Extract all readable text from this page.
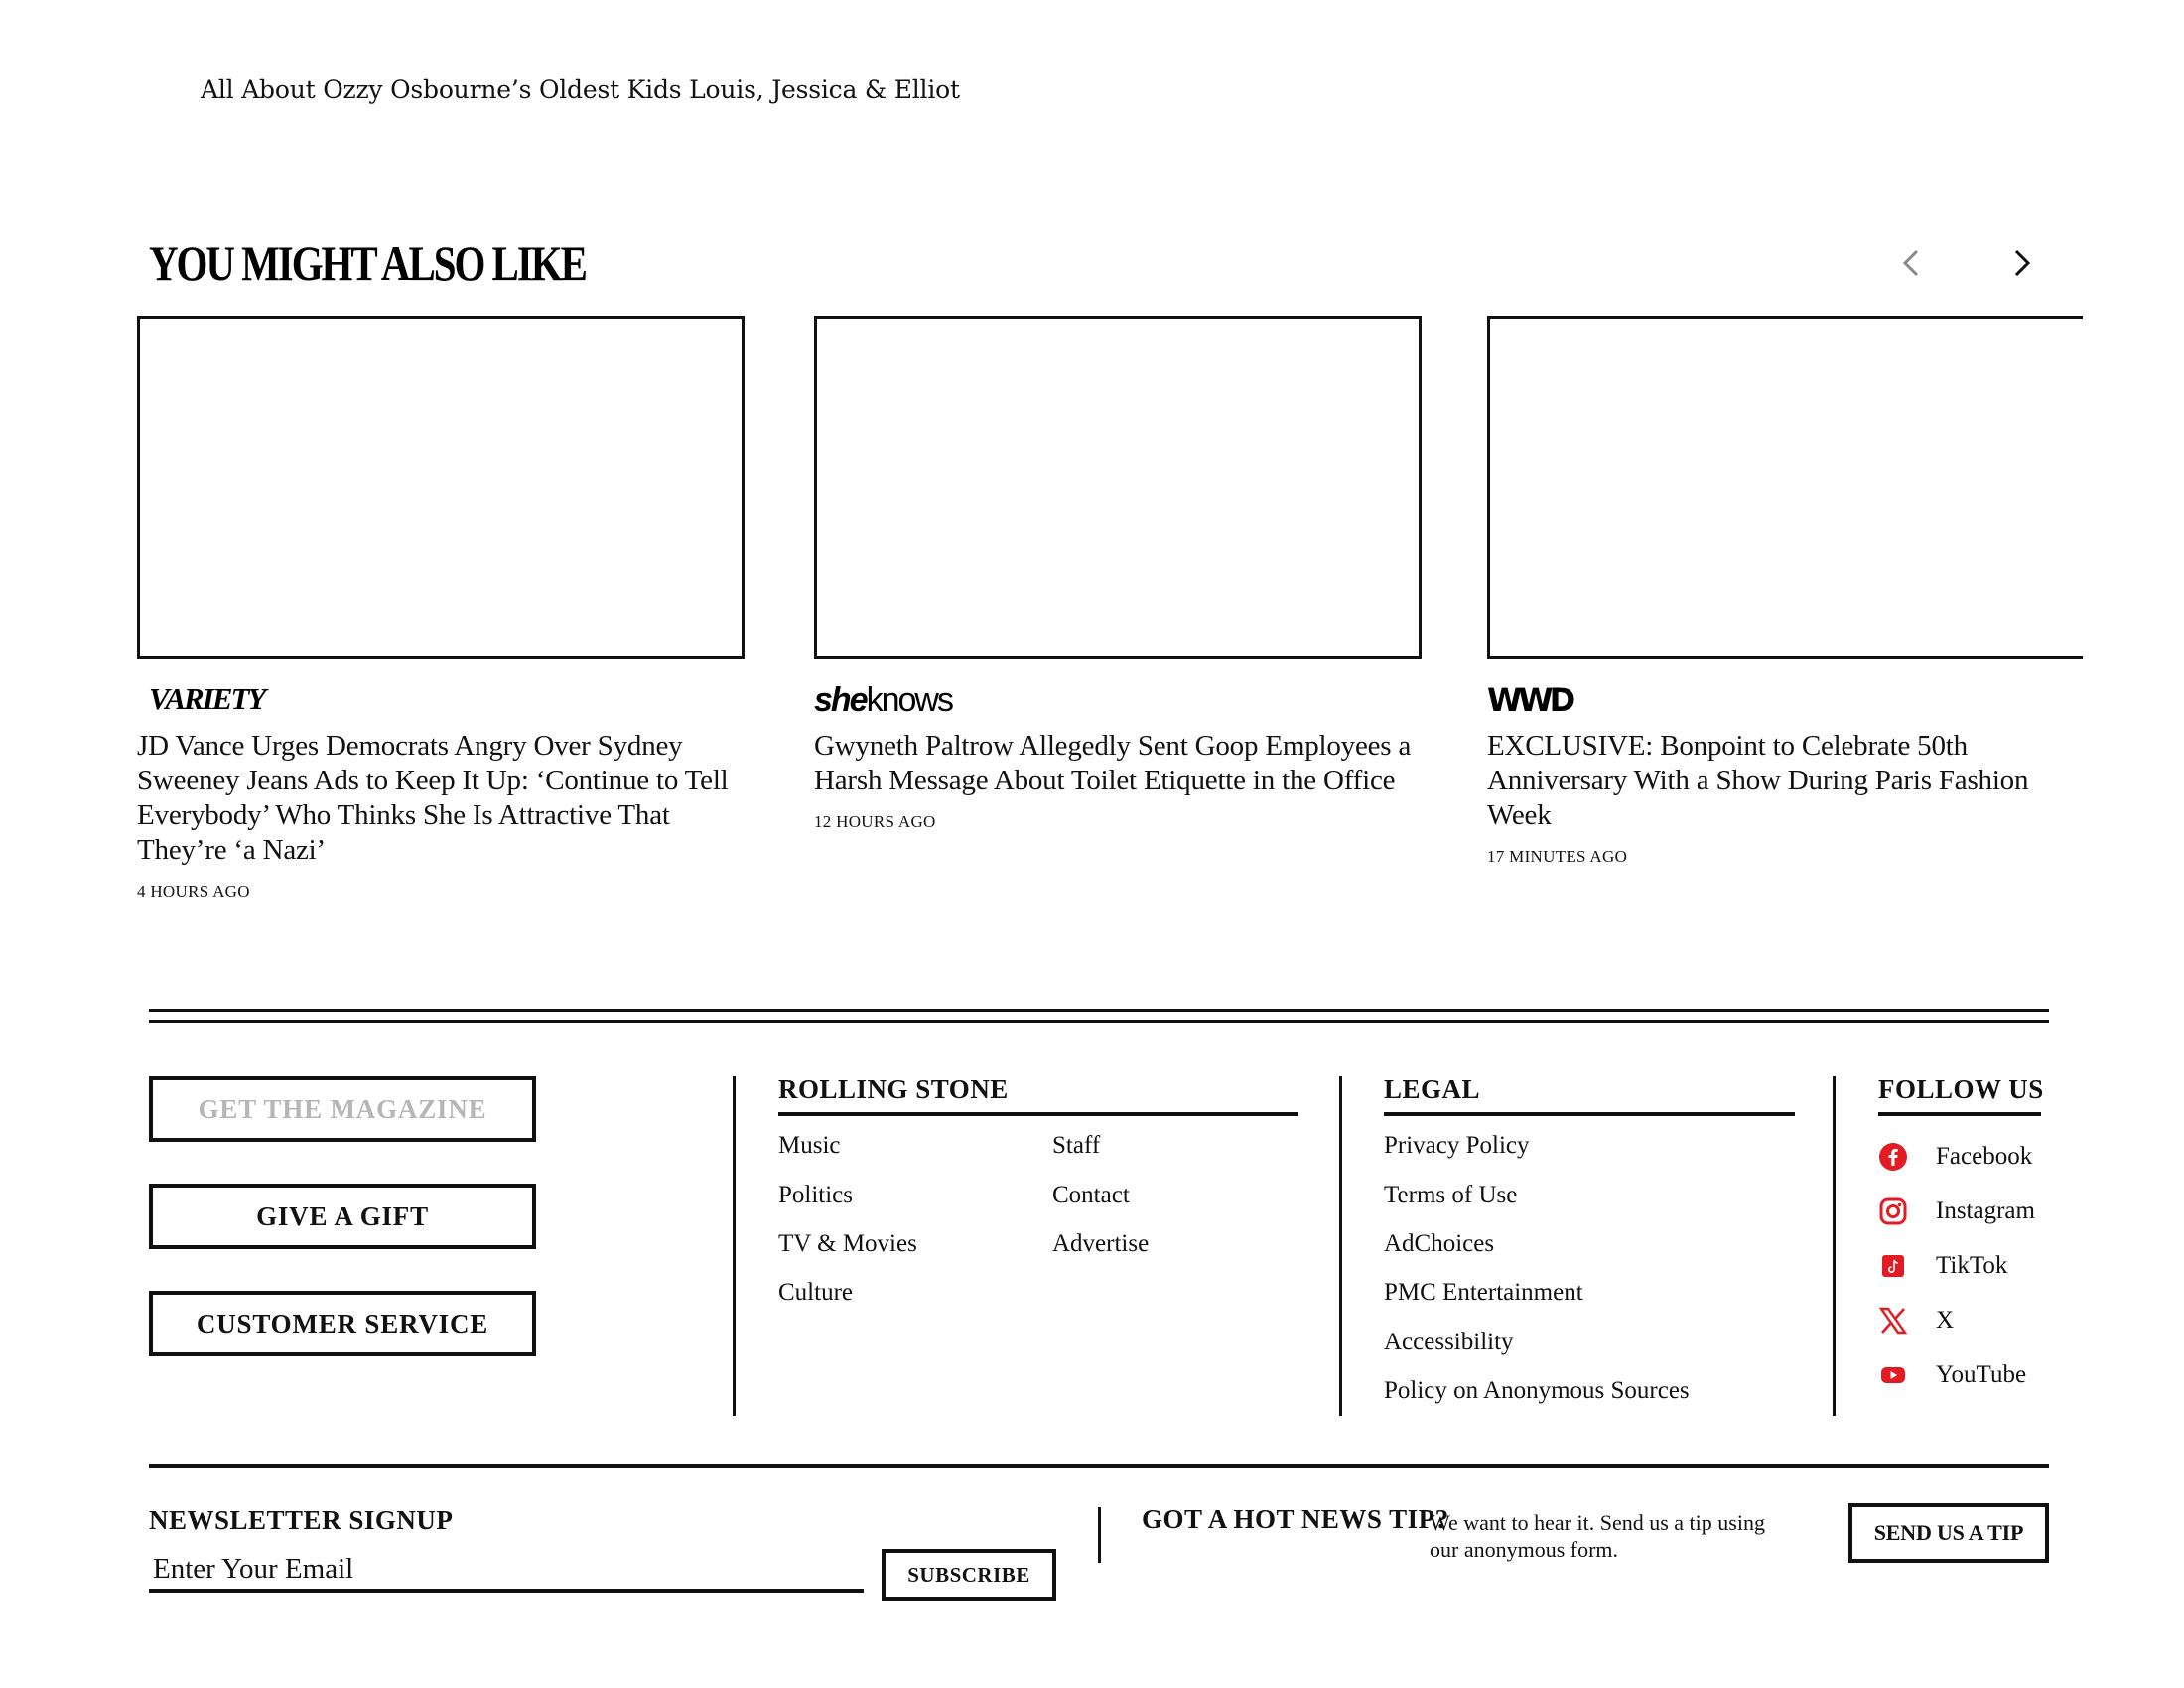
All About Ozzy Osbourne’s Oldest Kids Louis, Jessica & Elliot
YOU MIGHT ALSO LIKE
VARIETY
JD Vance Urges Democrats Angry Over Sydney Sweeney Jeans Ads to Keep It Up: ‘Continue to Tell Everybody’ Who Thinks She Is Attractive That They’re ‘a Nazi’
4 HOURS AGO
sheknows
Gwyneth Paltrow Allegedly Sent Goop Employees a Harsh Message About Toilet Etiquette in the Office
12 HOURS AGO
WWD
EXCLUSIVE: Bonpoint to Celebrate 50th Anniversary With a Show During Paris Fashion Week
17 MINUTES AGO
GET THE MAGAZINE
GIVE A GIFT
CUSTOMER SERVICE
ROLLING STONE
Music
Politics
TV & Movies
Culture
Staff
Contact
Advertise
LEGAL
Privacy Policy
Terms of Use
AdChoices
PMC Entertainment
Accessibility
Policy on Anonymous Sources
FOLLOW US
Facebook
Instagram
TikTok
X
YouTube
NEWSLETTER SIGNUP
Enter Your Email
SUBSCRIBE
GOT A HOT NEWS TIP?
We want to hear it. Send us a tip using our anonymous form.
SEND US A TIP
